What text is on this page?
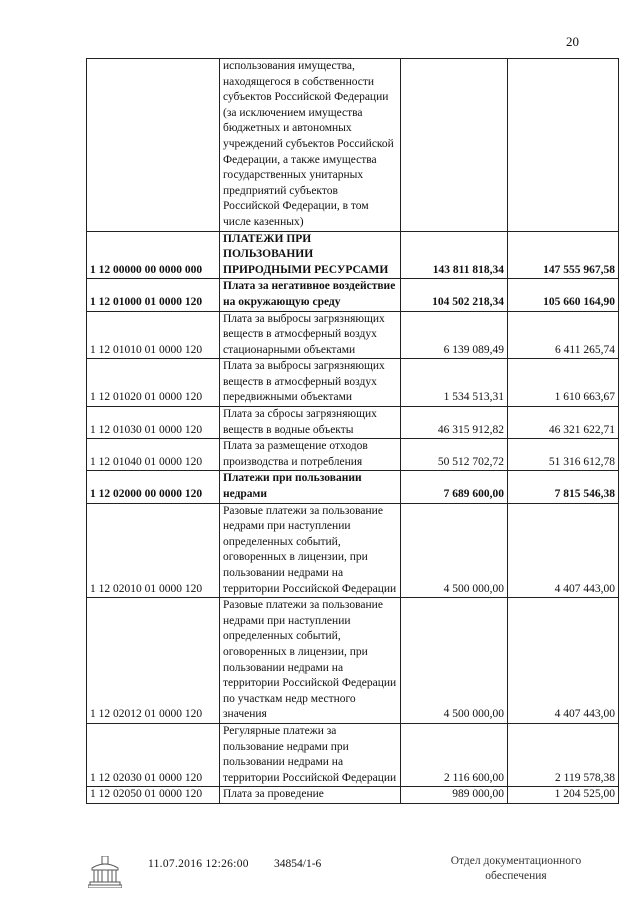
20
	использования имущества, находящегося в собственности субъектов Российской Федерации (за исключением имущества бюджетных и автономных учреждений субъектов Российской Федерации, а также имущества государственных унитарных предприятий субъектов Российской Федерации, в том числе казенных)		
1 12 00000 00 0000 000	ПЛАТЕЖИ ПРИ ПОЛЬЗОВАНИИ ПРИРОДНЫМИ РЕСУРСАМИ	143 811 818,34	147 555 967,58
1 12 01000 01 0000 120	Плата за негативное воздействие на окружающую среду	104 502 218,34	105 660 164,90
1 12 01010 01 0000 120	Плата за выбросы загрязняющих веществ в атмосферный воздух стационарными объектами	6 139 089,49	6 411 265,74
1 12 01020 01 0000 120	Плата за выбросы загрязняющих веществ в атмосферный воздух передвижными объектами	1 534 513,31	1 610 663,67
1 12 01030 01 0000 120	Плата за сбросы загрязняющих веществ в водные объекты	46 315 912,82	46 321 622,71
1 12 01040 01 0000 120	Плата за размещение отходов производства и потребления	50 512 702,72	51 316 612,78
1 12 02000 00 0000 120	Платежи при пользовании недрами	7 689 600,00	7 815 546,38
1 12 02010 01 0000 120	Разовые платежи за пользование недрами при наступлении определенных событий, оговоренных в лицензии, при пользовании недрами на территории Российской Федерации	4 500 000,00	4 407 443,00
1 12 02012 01 0000 120	Разовые платежи за пользование недрами при наступлении определенных событий, оговоренных в лицензии, при пользовании недрами на территории Российской Федерации по участкам недр местного значения	4 500 000,00	4 407 443,00
1 12 02030 01 0000 120	Регулярные платежи за пользование недрами при пользовании недрами на территории Российской Федерации	2 116 600,00	2 119 578,38
1 12 02050 01 0000 120	Плата за проведение	989 000,00	1 204 525,00
11.07.2016 12:26:00 34854/1-6	Отдел документационного
обеспечения
